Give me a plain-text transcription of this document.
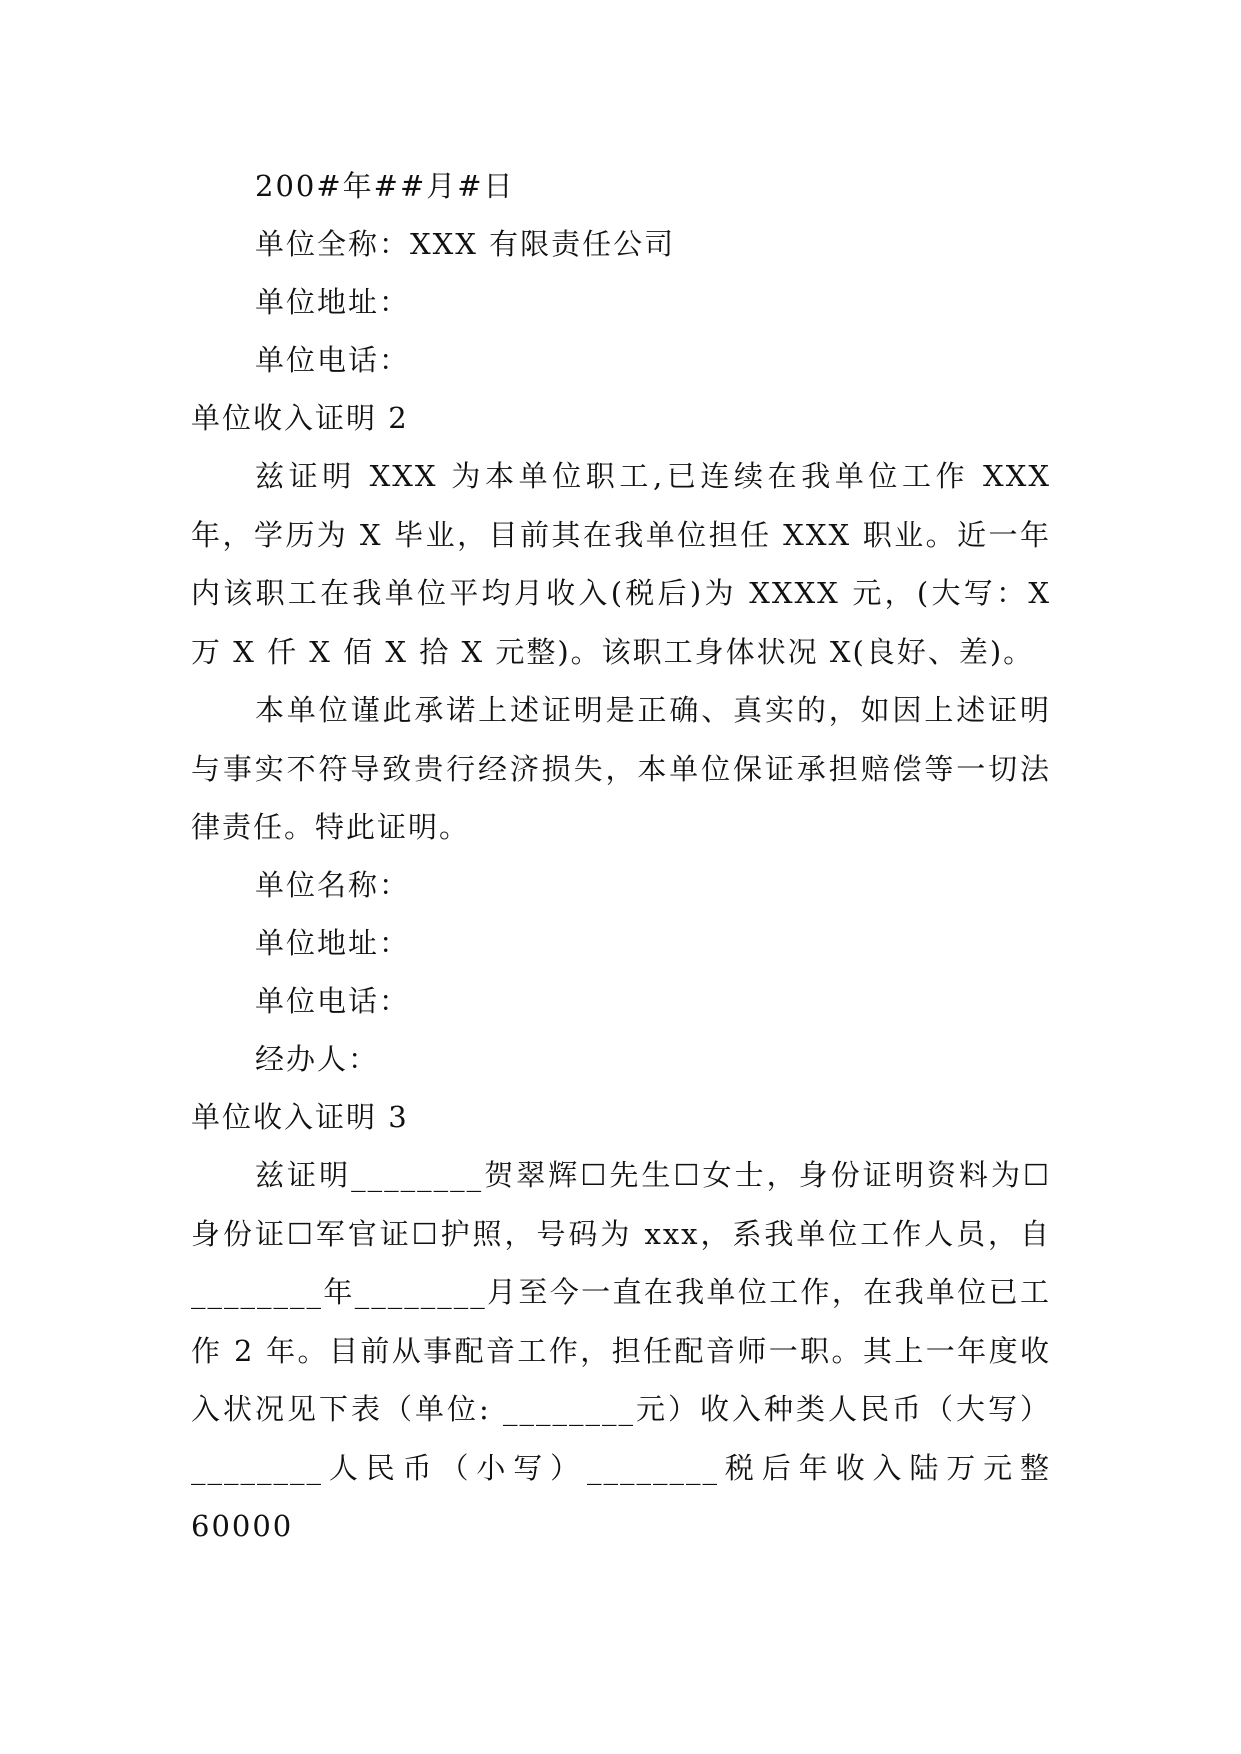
200#年##月#日
单位全称：XXX 有限责任公司
单位地址：
单位电话：
单位收入证明 2
兹证明 XXX 为本单位职工,已连续在我单位工作 XXX 年，学历为 X 毕业，目前其在我单位担任 XXX 职业。近一年内该职工在我单位平均月收入(税后)为 XXXX 元，(大写：X 万 X 仟 X 佰 X 拾 X 元整)。该职工身体状况 X(良好、差)。
本单位谨此承诺上述证明是正确、真实的，如因上述证明与事实不符导致贵行经济损失，本单位保证承担赔偿等一切法律责任。特此证明。
单位名称：
单位地址：
单位电话：
经办人：
单位收入证明 3
兹证明________贺翠辉☐先生☐女士，身份证明资料为☐身份证☐军官证☐护照，号码为 xxx，系我单位工作人员，自________年________月至今一直在我单位工作，在我单位已工作 2 年。目前从事配音工作，担任配音师一职。其上一年度收入状况见下表（单位: ________元）收入种类人民币（大写）________人民币（小写）________税后年收入陆万元整 60000
